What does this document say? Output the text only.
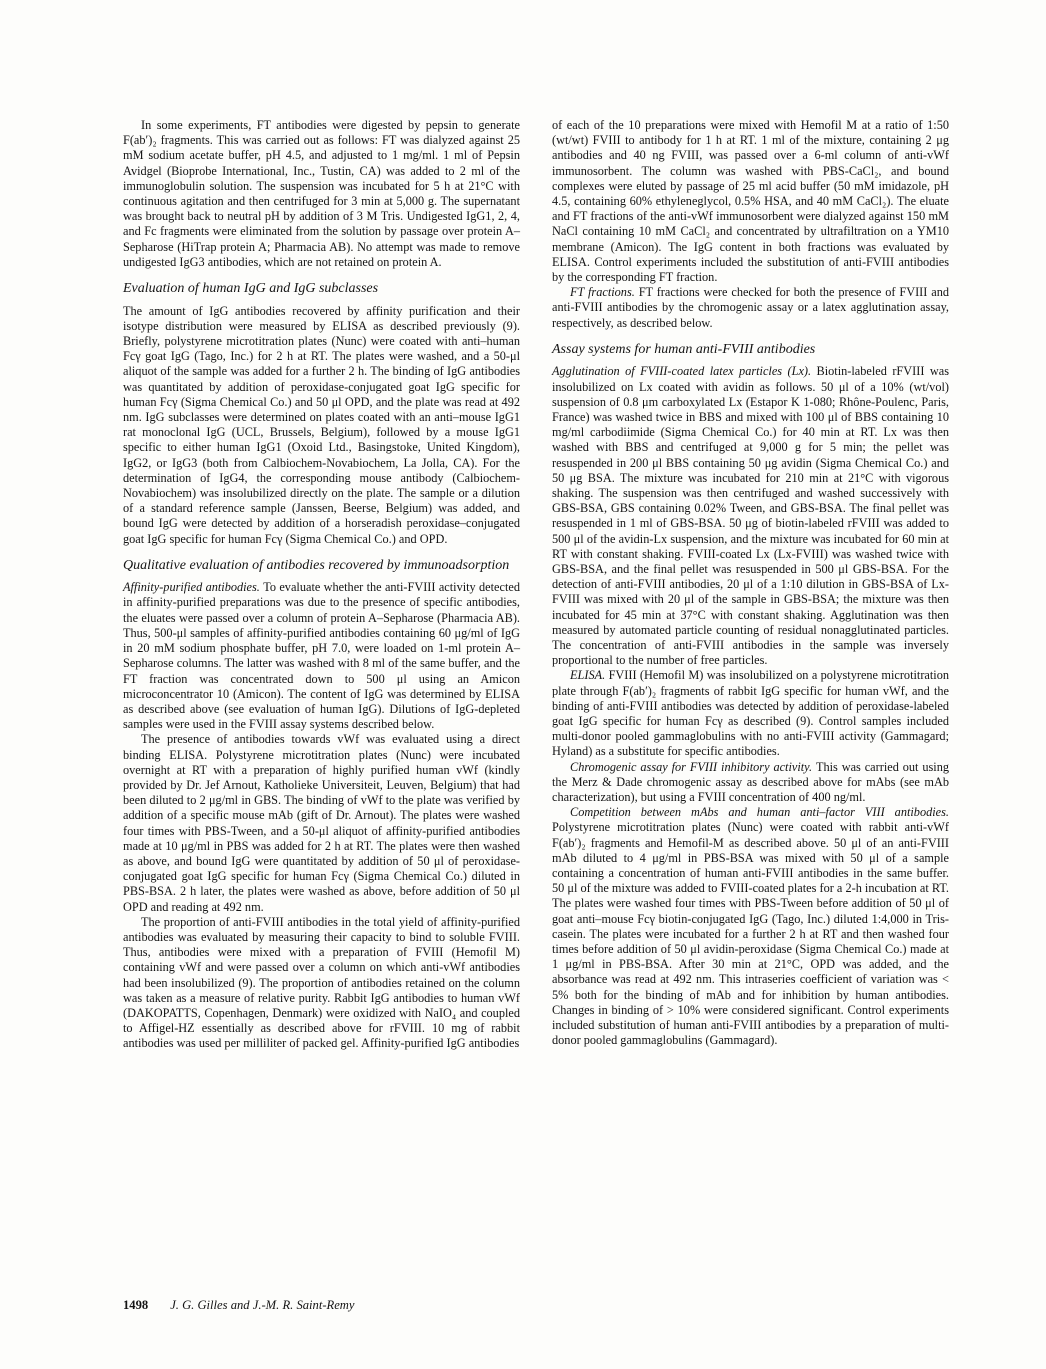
In some experiments, FT antibodies were digested by pepsin to generate F(ab′)₂ fragments. This was carried out as follows: FT was dialyzed against 25 mM sodium acetate buffer, pH 4.5, and adjusted to 1 mg/ml. 1 ml of Pepsin Avidgel (Bioprobe International, Inc., Tustin, CA) was added to 2 ml of the immunoglobulin solution. The suspension was incubated for 5 h at 21°C with continuous agitation and then centrifuged for 3 min at 5,000 g. The supernatant was brought back to neutral pH by addition of 3 M Tris. Undigested IgG1, 2, 4, and Fc fragments were eliminated from the solution by passage over protein A–Sepharose (HiTrap protein A; Pharmacia AB). No attempt was made to remove undigested IgG3 antibodies, which are not retained on protein A.

Evaluation of human IgG and IgG subclasses

The amount of IgG antibodies recovered by affinity purification and their isotype distribution were measured by ELISA as described previously (9). Briefly, polystyrene microtitration plates (Nunc) were coated with anti–human Fcγ goat IgG (Tago, Inc.) for 2 h at RT. The plates were washed, and a 50-μl aliquot of the sample was added for a further 2 h. The binding of IgG antibodies was quantitated by addition of peroxidase-conjugated goat IgG specific for human Fcγ (Sigma Chemical Co.) and 50 μl OPD, and the plate was read at 492 nm. IgG subclasses were determined on plates coated with an anti–mouse IgG1 rat monoclonal IgG (UCL, Brussels, Belgium), followed by a mouse IgG1 specific to either human IgG1 (Oxoid Ltd., Basingstoke, United Kingdom), IgG2, or IgG3 (both from Calbiochem-Novabiochem, La Jolla, CA). For the determination of IgG4, the corresponding mouse antibody (Calbiochem-Novabiochem) was insolubilized directly on the plate. The sample or a dilution of a standard reference sample (Janssen, Beerse, Belgium) was added, and bound IgG were detected by addition of a horseradish peroxidase–conjugated goat IgG specific for human Fcγ (Sigma Chemical Co.) and OPD.

Qualitative evaluation of antibodies recovered by immunoadsorption

Affinity-purified antibodies. To evaluate whether the anti-FVIII activity detected in affinity-purified preparations was due to the presence of specific antibodies, the eluates were passed over a column of protein A–Sepharose (Pharmacia AB). Thus, 500-μl samples of affinity-purified antibodies containing 60 μg/ml of IgG in 20 mM sodium phosphate buffer, pH 7.0, were loaded on 1-ml protein A–Sepharose columns. The latter was washed with 8 ml of the same buffer, and the FT fraction was concentrated down to 500 μl using an Amicon microconcentrator 10 (Amicon). The content of IgG was determined by ELISA as described above (see evaluation of human IgG). Dilutions of IgG-depleted samples were used in the FVIII assay systems described below.

The presence of antibodies towards vWf was evaluated using a direct binding ELISA. Polystyrene microtitration plates (Nunc) were incubated overnight at RT with a preparation of highly purified human vWf (kindly provided by Dr. Jef Arnout, Katholieke Universiteit, Leuven, Belgium) that had been diluted to 2 μg/ml in GBS. The binding of vWf to the plate was verified by addition of a specific mouse mAb (gift of Dr. Arnout). The plates were washed four times with PBS-Tween, and a 50-μl aliquot of affinity-purified antibodies made at 10 μg/ml in PBS was added for 2 h at RT. The plates were then washed as above, and bound IgG were quantitated by addition of 50 μl of peroxidase-conjugated goat IgG specific for human Fcγ (Sigma Chemical Co.) diluted in PBS-BSA. 2 h later, the plates were washed as above, before addition of 50 μl OPD and reading at 492 nm.

The proportion of anti-FVIII antibodies in the total yield of affinity-purified antibodies was evaluated by measuring their capacity to bind to soluble FVIII. Thus, antibodies were mixed with a preparation of FVIII (Hemofil M) containing vWf and were passed over a column on which anti-vWf antibodies had been insolubilized (9). The proportion of antibodies retained on the column was taken as a measure of relative purity. Rabbit IgG antibodies to human vWf (DAKOPATTS, Copenhagen, Denmark) were oxidized with NaIO₄ and coupled to Affigel-HZ essentially as described above for rFVIII. 10 mg of rabbit antibodies was used per milliliter of packed gel. Affinity-purified IgG antibodies

of each of the 10 preparations were mixed with Hemofil M at a ratio of 1:50 (wt/wt) FVIII to antibody for 1 h at RT. 1 ml of the mixture, containing 2 μg antibodies and 40 ng FVIII, was passed over a 6-ml column of anti-vWf immunosorbent. The column was washed with PBS-CaCl₂, and bound complexes were eluted by passage of 25 ml acid buffer (50 mM imidazole, pH 4.5, containing 60% ethyleneglycol, 0.5% HSA, and 40 mM CaCl₂). The eluate and FT fractions of the anti-vWf immunosorbent were dialyzed against 150 mM NaCl containing 10 mM CaCl₂ and concentrated by ultrafiltration on a YM10 membrane (Amicon). The IgG content in both fractions was evaluated by ELISA. Control experiments included the substitution of anti-FVIII antibodies by the corresponding FT fraction.

FT fractions. FT fractions were checked for both the presence of FVIII and anti-FVIII antibodies by the chromogenic assay or a latex agglutination assay, respectively, as described below.

Assay systems for human anti-FVIII antibodies

Agglutination of FVIII-coated latex particles (Lx). Biotin-labeled rFVIII was insolubilized on Lx coated with avidin as follows. 50 μl of a 10% (wt/vol) suspension of 0.8 μm carboxylated Lx (Estapor K 1-080; Rhône-Poulenc, Paris, France) was washed twice in BBS and mixed with 100 μl of BBS containing 10 mg/ml carbodiimide (Sigma Chemical Co.) for 40 min at RT. Lx was then washed with BBS and centrifuged at 9,000 g for 5 min; the pellet was resuspended in 200 μl BBS containing 50 μg avidin (Sigma Chemical Co.) and 50 μg BSA. The mixture was incubated for 210 min at 21°C with vigorous shaking. The suspension was then centrifuged and washed successively with GBS-BSA, GBS containing 0.02% Tween, and GBS-BSA. The final pellet was resuspended in 1 ml of GBS-BSA. 50 μg of biotin-labeled rFVIII was added to 500 μl of the avidin-Lx suspension, and the mixture was incubated for 60 min at RT with constant shaking. FVIII-coated Lx (Lx-FVIII) was washed twice with GBS-BSA, and the final pellet was resuspended in 500 μl GBS-BSA. For the detection of anti-FVIII antibodies, 20 μl of a 1:10 dilution in GBS-BSA of Lx-FVIII was mixed with 20 μl of the sample in GBS-BSA; the mixture was then incubated for 45 min at 37°C with constant shaking. Agglutination was then measured by automated particle counting of residual nonagglutinated particles. The concentration of anti-FVIII antibodies in the sample was inversely proportional to the number of free particles.

ELISA. FVIII (Hemofil M) was insolubilized on a polystyrene microtitration plate through F(ab′)₂ fragments of rabbit IgG specific for human vWf, and the binding of anti-FVIII antibodies was detected by addition of peroxidase-labeled goat IgG specific for human Fcγ as described (9). Control samples included multi-donor pooled gammaglobulins with no anti-FVIII activity (Gammagard; Hyland) as a substitute for specific antibodies.

Chromogenic assay for FVIII inhibitory activity. This was carried out using the Merz & Dade chromogenic assay as described above for mAbs (see mAb characterization), but using a FVIII concentration of 400 ng/ml.

Competition between mAbs and human anti–factor VIII antibodies. Polystyrene microtitration plates (Nunc) were coated with rabbit anti-vWf F(ab′)₂ fragments and Hemofil-M as described above. 50 μl of an anti-FVIII mAb diluted to 4 μg/ml in PBS-BSA was mixed with 50 μl of a sample containing a concentration of human anti-FVIII antibodies in the same buffer. 50 μl of the mixture was added to FVIII-coated plates for a 2-h incubation at RT. The plates were washed four times with PBS-Tween before addition of 50 μl of goat anti–mouse Fcγ biotin-conjugated IgG (Tago, Inc.) diluted 1:4,000 in Tris-casein. The plates were incubated for a further 2 h at RT and then washed four times before addition of 50 μl avidin-peroxidase (Sigma Chemical Co.) made at 1 μg/ml in PBS-BSA. After 30 min at 21°C, OPD was added, and the absorbance was read at 492 nm. This intraseries coefficient of variation was < 5% both for the binding of mAb and for inhibition by human antibodies. Changes in binding of > 10% were considered significant. Control experiments included substitution of human anti-FVIII antibodies by a preparation of multi-donor pooled gammaglobulins (Gammagard).

1498 J. G. Gilles and J.-M. R. Saint-Remy
